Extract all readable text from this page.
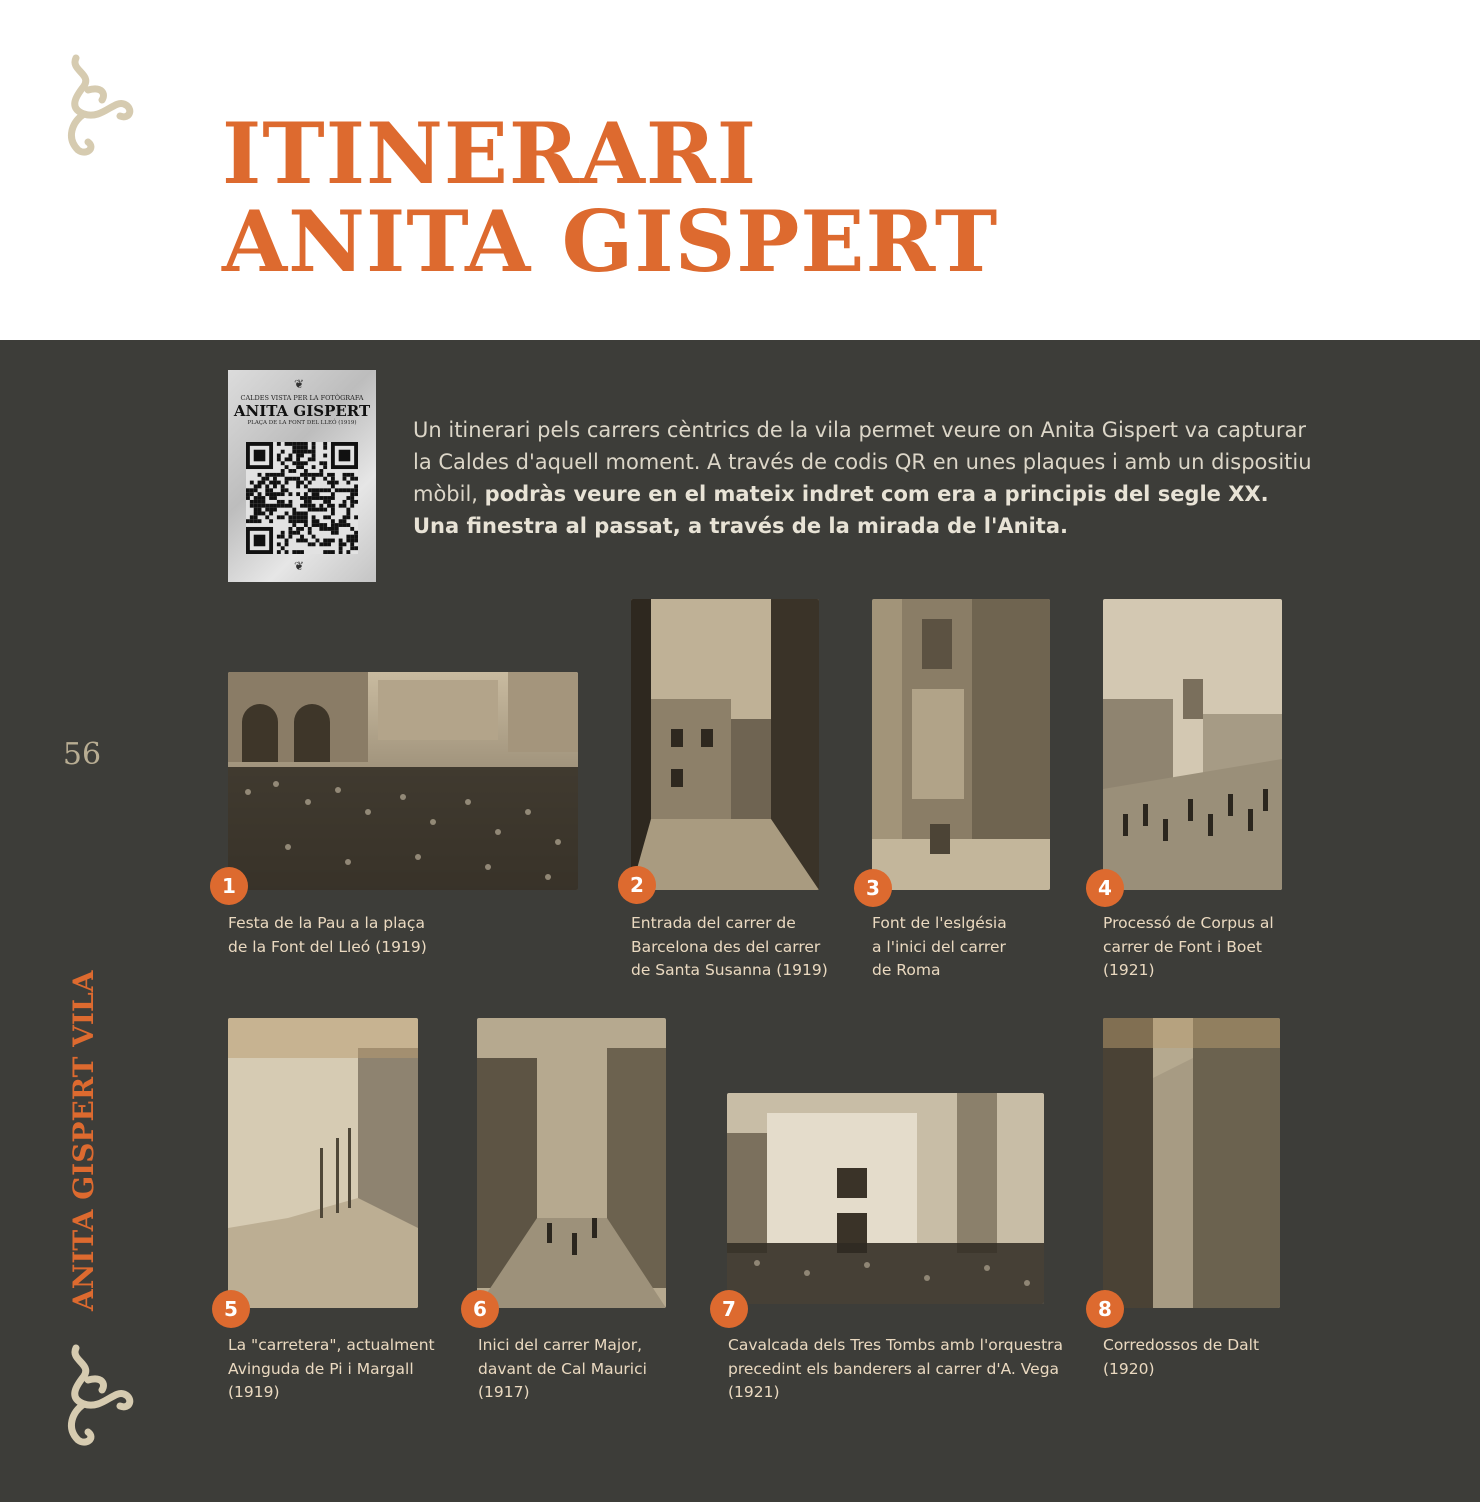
ITINERARI
ANITA GISPERT
56
ANITA GISPERT VILA
❦
CALDES VISTA PER LA FOTÒGRAFA
ANITA GISPERT
PLAÇA DE LA FONT DEL LLEÓ (1919)
❦

Un itinerari pels carrers cèntrics de la vila permet veure on Anita Gispert va capturar la Caldes d'aquell moment. A través de codis QR en unes plaques i amb un dispositiu mòbil, podràs veure en el mateix indret com era a principis del segle XX. Una finestra al passat, a través de la mirada de l'Anita.

1

Festa de la Pau a la plaça
de la Font del Lleó (1919)

2

Entrada del carrer de
Barcelona des del carrer
de Santa Susanna (1919)

3

Font de l'eslgésia
a l'inici del carrer
de Roma

4

Processó de Corpus al
carrer de Font i Boet
(1921)

5

La "carretera", actualment
Avinguda de Pi i Margall
(1919)

6

Inici del carrer Major,
davant de Cal Maurici
(1917)

7

Cavalcada dels Tres Tombs amb l'orquestra
precedint els banderers al carrer d'A. Vega
(1921)

8

Corredossos de Dalt
(1920)
